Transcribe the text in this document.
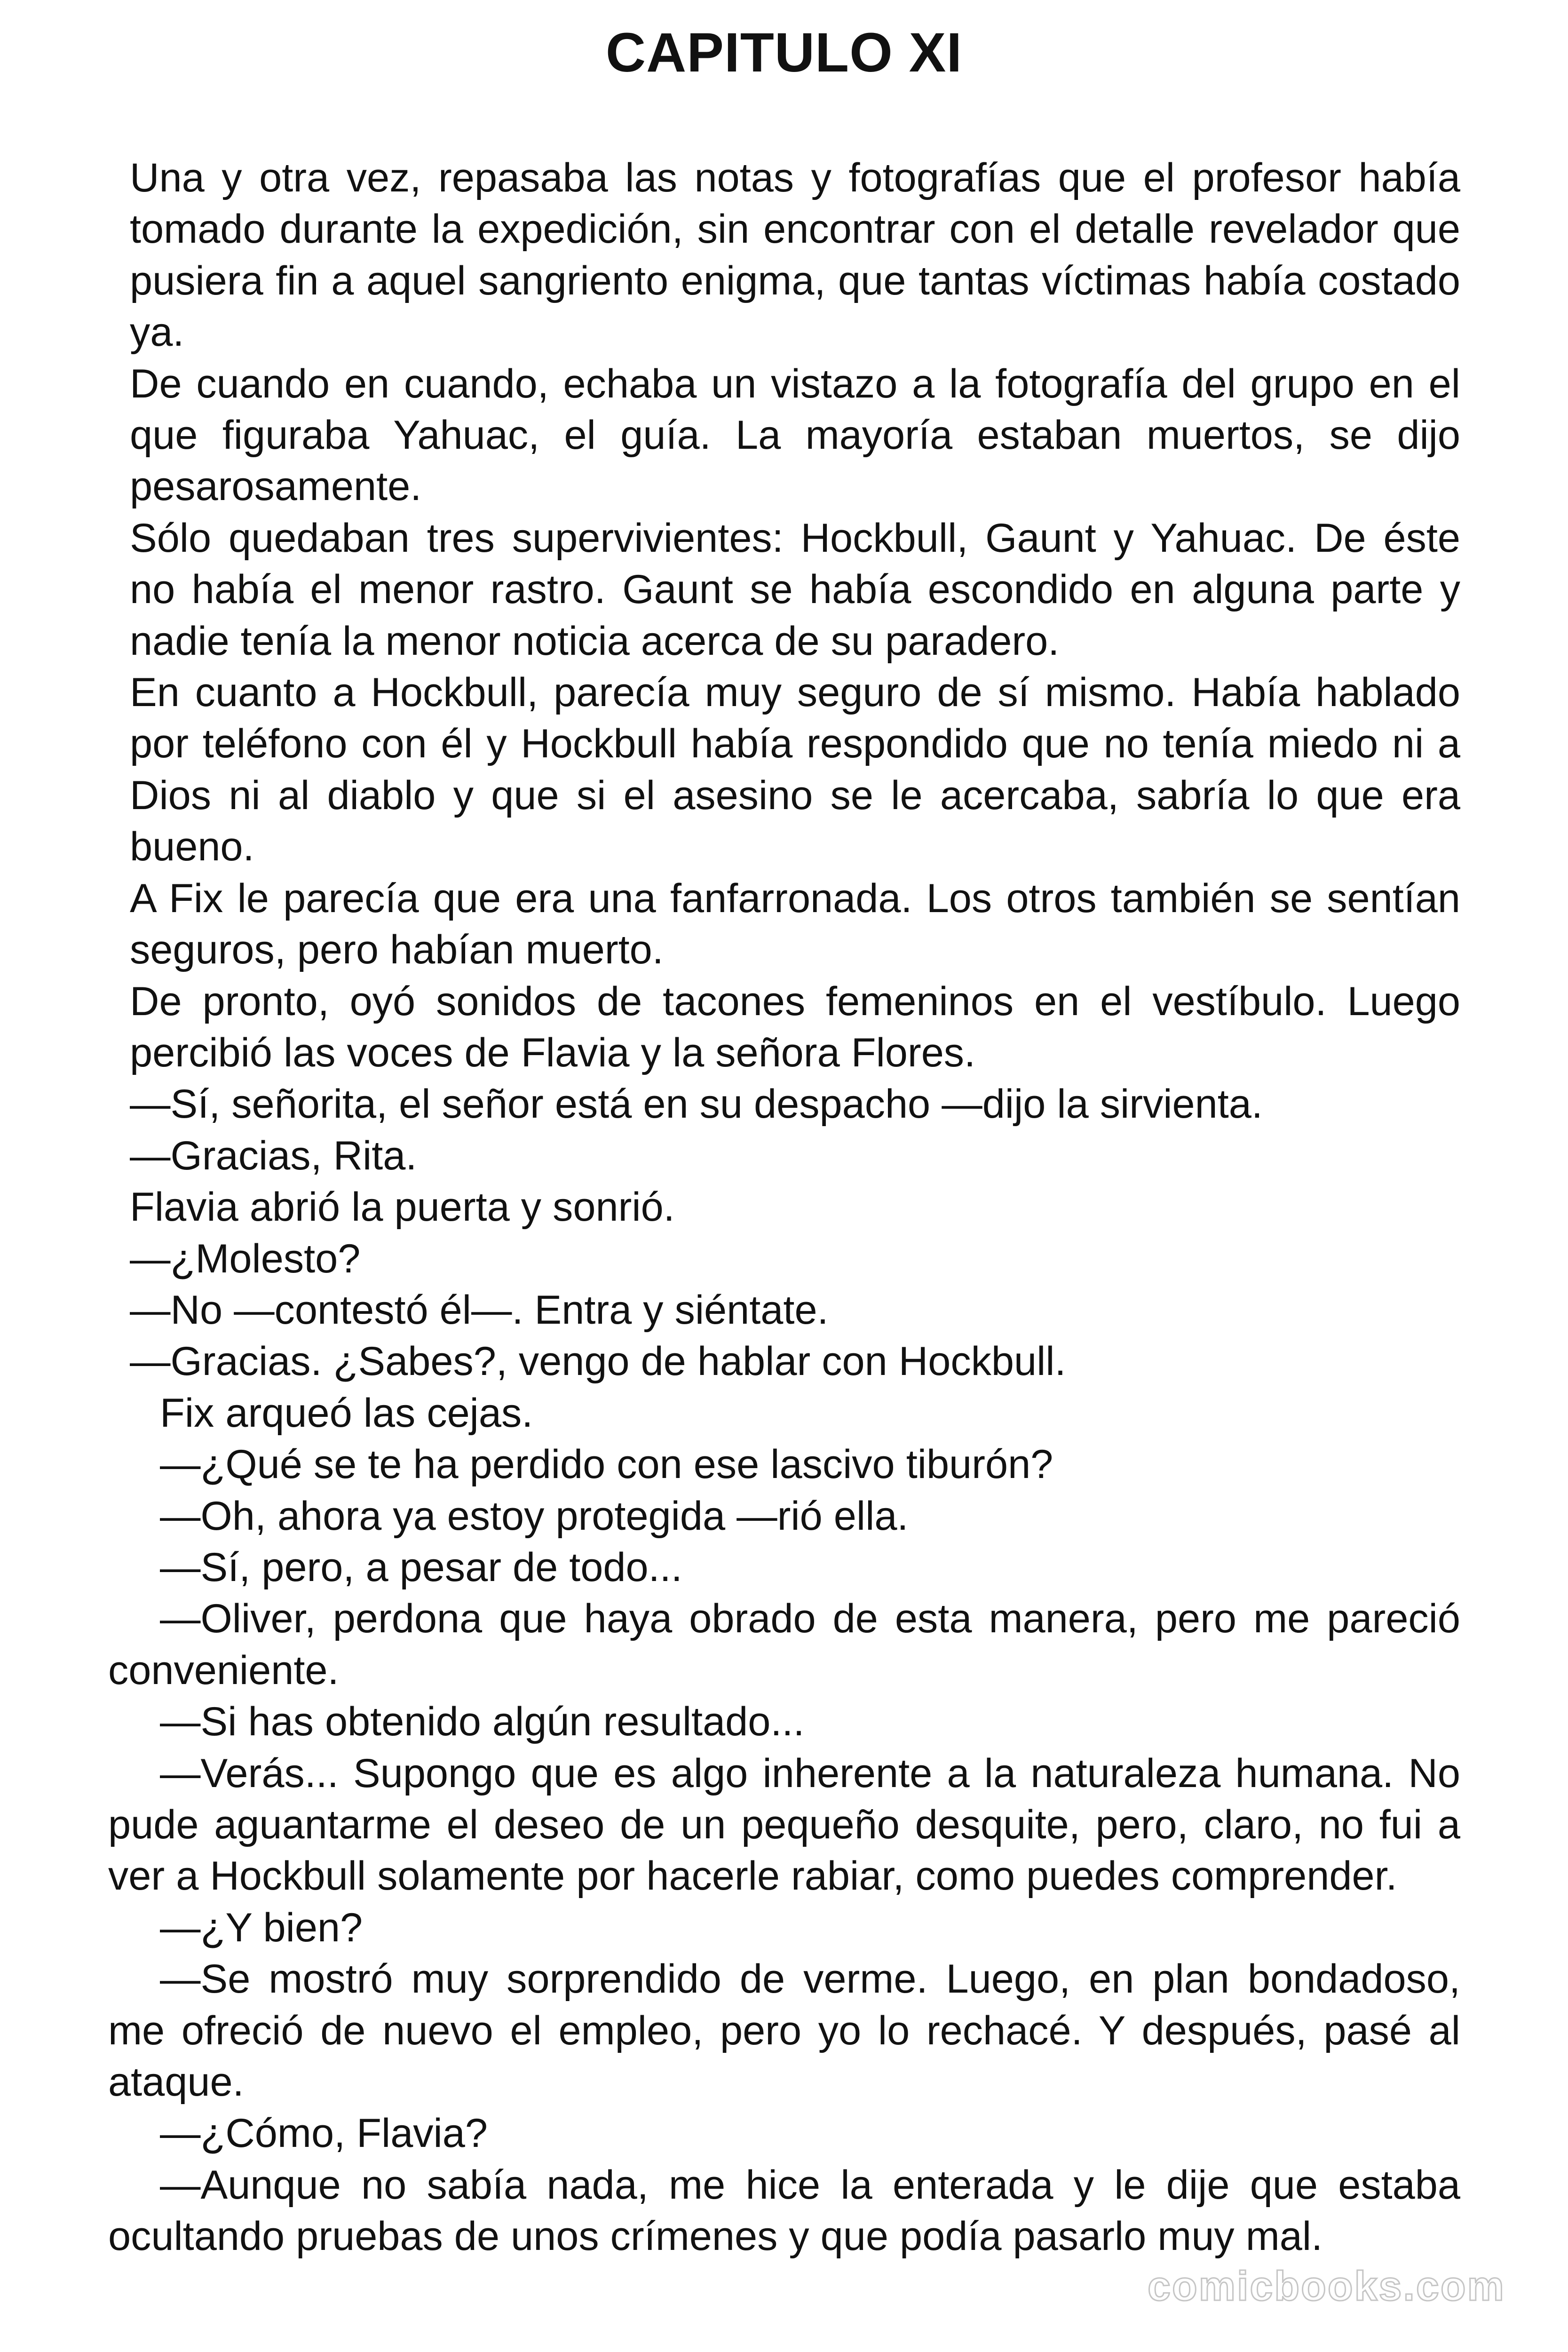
CAPITULO XI

Una y otra vez, repasaba las notas y fotografías que el profesor había tomado durante la expedición, sin encontrar con el detalle revelador que pusiera fin a aquel sangriento enigma, que tantas víctimas había costado ya.

De cuando en cuando, echaba un vistazo a la fotografía del grupo en el que figuraba Yahuac, el guía. La mayoría estaban muertos, se dijo pesarosamente.

Sólo quedaban tres supervivientes: Hockbull, Gaunt y Yahuac. De éste no había el menor rastro. Gaunt se había escondido en alguna parte y nadie tenía la menor noticia acerca de su paradero.

En cuanto a Hockbull, parecía muy seguro de sí mismo. Había hablado por teléfono con él y Hockbull había respondido que no tenía miedo ni a Dios ni al diablo y que si el asesino se le acercaba, sabría lo que era bueno.

A Fix le parecía que era una fanfarronada. Los otros también se sentían seguros, pero habían muerto.

De pronto, oyó sonidos de tacones femeninos en el vestíbulo. Luego percibió las voces de Flavia y la señora Flores.

—Sí, señorita, el señor está en su despacho —dijo la sirvienta.

—Gracias, Rita.

Flavia abrió la puerta y sonrió.

—¿Molesto?

—No —contestó él—. Entra y siéntate.

—Gracias. ¿Sabes?, vengo de hablar con Hockbull.

Fix arqueó las cejas.

—¿Qué se te ha perdido con ese lascivo tiburón?

—Oh, ahora ya estoy protegida —rió ella.

—Sí, pero, a pesar de todo...

—Oliver, perdona que haya obrado de esta manera, pero me pareció conveniente.

—Si has obtenido algún resultado...

—Verás... Supongo que es algo inherente a la naturaleza humana. No pude aguantarme el deseo de un pequeño desquite, pero, claro, no fui a ver a Hockbull solamente por hacerle rabiar, como puedes comprender.

—¿Y bien?

—Se mostró muy sorprendido de verme. Luego, en plan bondadoso, me ofreció de nuevo el empleo, pero yo lo rechacé. Y después, pasé al ataque.

—¿Cómo, Flavia?

—Aunque no sabía nada, me hice la enterada y le dije que estaba ocultando pruebas de unos crímenes y que podía pasarlo muy mal.

comicbooks.com
